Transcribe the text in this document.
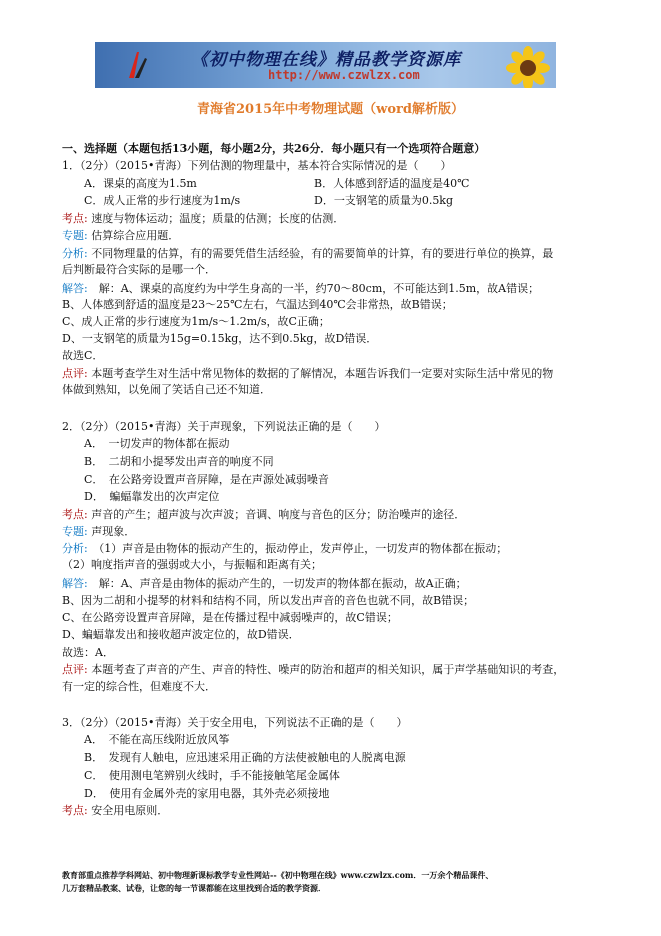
《初中物理在线》精品教学资源库
http://www.czwlzx.com
青海省2015年中考物理试题（word解析版）
一、选择题（本题包括13小题，每小题2分，共26分．每小题只有一个选项符合题意）
1．（2分）（2015•青海）下列估测的物理量中，基本符合实际情况的是（　　）
A．课桌的高度为1.5m	B．人体感到舒适的温度是40℃
C．成人正常的步行速度为1m/s	D．一支钢笔的质量为0.5kg
考点: 速度与物体运动；温度；质量的估测；长度的估测．
专题: 估算综合应用题．
分析: 不同物理量的估算，有的需要凭借生活经验，有的需要简单的计算，有的要进行单位的换算，最
后判断最符合实际的是哪一个．
解答:　 解：A、课桌的高度约为中学生身高的一半，约70～80cm，不可能达到1.5m，故A错误；
B、人体感到舒适的温度是23～25℃左右，气温达到40℃会非常热，故B错误；
C、成人正常的步行速度为1m/s～1.2m/s，故C正确；
D、一支钢笔的质量为15g=0.15kg，达不到0.5kg，故D错误．
故选C．
点评: 本题考查学生对生活中常见物体的数据的了解情况，本题告诉我们一定要对实际生活中常见的物
体做到熟知，以免闹了笑话自己还不知道．
2．（2分）（2015•青海）关于声现象，下列说法正确的是（　　）
A．　一切发声的物体都在振动
B．　二胡和小提琴发出声音的响度不同
C．　在公路旁设置声音屏障，是在声源处减弱噪音
D．　蝙蝠靠发出的次声定位
考点: 声音的产生；超声波与次声波；音调、响度与音色的区分；防治噪声的途径．
专题: 声现象．
分析:　 （1）声音是由物体的振动产生的，振动停止，发声停止，一切发声的物体都在振动；
（2）响度指声音的强弱或大小，与振幅和距离有关；
解答:　 解：A、声音是由物体的振动产生的，一切发声的物体都在振动，故A正确；
B、因为二胡和小提琴的材料和结构不同，所以发出声音的音色也就不同，故B错误；
C、在公路旁设置声音屏障，是在传播过程中减弱噪声的，故C错误；
D、蝙蝠靠发出和接收超声波定位的，故D错误．
故选：A．
点评: 本题考查了声音的产生、声音的特性、噪声的防治和超声的相关知识，属于声学基础知识的考查，
有一定的综合性，但难度不大．
3．（2分）（2015•青海）关于安全用电，下列说法不正确的是（　　）
A．　不能在高压线附近放风筝
B．　发现有人触电，应迅速采用正确的方法使被触电的人脱离电源
C．　使用测电笔辨别火线时，手不能接触笔尾金属体
D．　使用有金属外壳的家用电器，其外壳必须接地
考点: 安全用电原则．
教育部重点推荐学科网站、初中物理新课标教学专业性网站--《初中物理在线》www.czwlzx.com．一万余个精品课件、
几万套精品教案、试卷，让您的每一节课都能在这里找到合适的教学资源．
